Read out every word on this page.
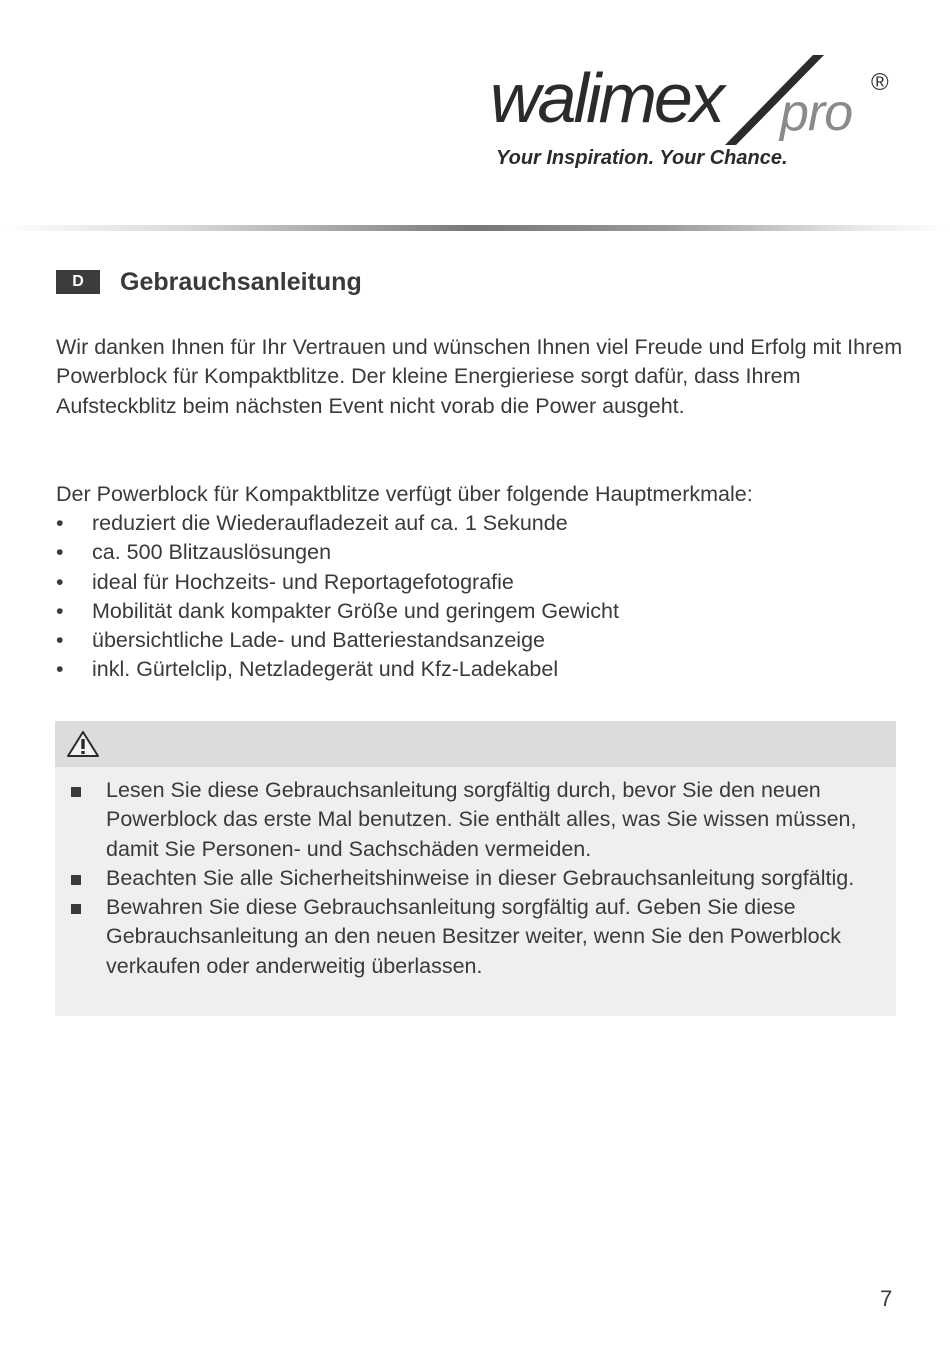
walimex pro
®
Your Inspiration. Your Chance.
D	Gebrauchsanleitung

Wir danken Ihnen für Ihr Vertrauen und wünschen Ihnen viel Freude und Erfolg mit Ihrem Powerblock für Kompaktblitze. Der kleine Energieriese sorgt dafür, dass Ihrem Aufsteckblitz beim nächsten Event nicht vorab die Power ausgeht.

Der Powerblock für Kompaktblitze verfügt über folgende Hauptmerkmale:

• reduziert die Wiederaufladezeit auf ca. 1 Sekunde
• ca. 500 Blitzauslösungen
• ideal für Hochzeits- und Reportagefotografie
• Mobilität dank kompakter Größe und geringem Gewicht
• übersichtliche Lade- und Batteriestandsanzeige
• inkl. Gürtelclip, Netzladegerät und Kfz-Ladekabel
Lesen Sie diese Gebrauchsanleitung sorgfältig durch, bevor Sie den neuen Powerblock das erste Mal benutzen. Sie enthält alles, was Sie wissen müssen, damit Sie Personen- und Sachschäden vermeiden.
Beachten Sie alle Sicherheitshinweise in dieser Gebrauchsanleitung sorgfältig.
Bewahren Sie diese Gebrauchsanleitung sorgfältig auf. Geben Sie diese Gebrauchsanleitung an den neuen Besitzer weiter, wenn Sie den Powerblock verkaufen oder anderweitig überlassen.
7
